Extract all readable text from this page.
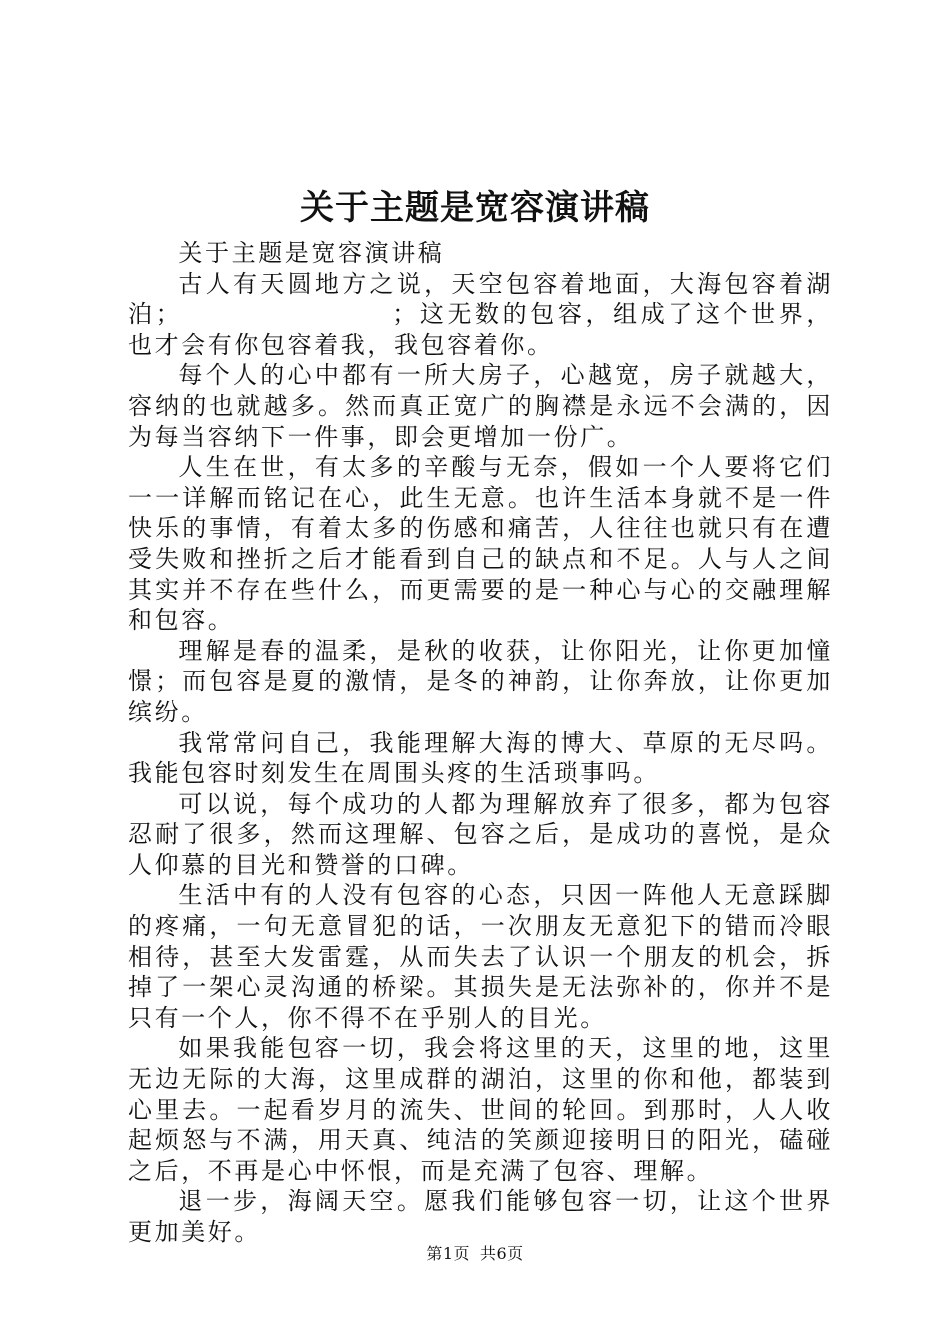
关于主题是宽容演讲稿

关于主题是宽容演讲稿

古人有天圆地方之说，天空包容着地面，大海包容着湖泊；	；这无数的包容，组成了这个世界，也才会有你包容着我，我包容着你。

每个人的心中都有一所大房子，心越宽，房子就越大，容纳的也就越多。然而真正宽广的胸襟是永远不会满的，因为每当容纳下一件事，即会更增加一份广。

人生在世，有太多的辛酸与无奈，假如一个人要将它们一一详解而铭记在心，此生无意。也许生活本身就不是一件快乐的事情，有着太多的伤感和痛苦，人往往也就只有在遭受失败和挫折之后才能看到自己的缺点和不足。人与人之间其实并不存在些什么，而更需要的是一种心与心的交融理解和包容。

理解是春的温柔，是秋的收获，让你阳光，让你更加憧憬；而包容是夏的激情，是冬的神韵，让你奔放，让你更加缤纷。

我常常问自己，我能理解大海的博大、草原的无尽吗。我能包容时刻发生在周围头疼的生活琐事吗。

可以说，每个成功的人都为理解放弃了很多，都为包容忍耐了很多，然而这理解、包容之后，是成功的喜悦，是众人仰慕的目光和赞誉的口碑。

生活中有的人没有包容的心态，只因一阵他人无意踩脚的疼痛，一句无意冒犯的话，一次朋友无意犯下的错而冷眼相待，甚至大发雷霆，从而失去了认识一个朋友的机会，拆掉了一架心灵沟通的桥梁。其损失是无法弥补的，你并不是只有一个人，你不得不在乎别人的目光。

如果我能包容一切，我会将这里的天，这里的地，这里无边无际的大海，这里成群的湖泊，这里的你和他，都装到心里去。一起看岁月的流失、世间的轮回。到那时，人人收起烦怒与不满，用天真、纯洁的笑颜迎接明日的阳光，磕碰之后，不再是心中怀恨，而是充满了包容、理解。

退一步，海阔天空。愿我们能够包容一切，让这个世界更加美好。

第1页 共6页
